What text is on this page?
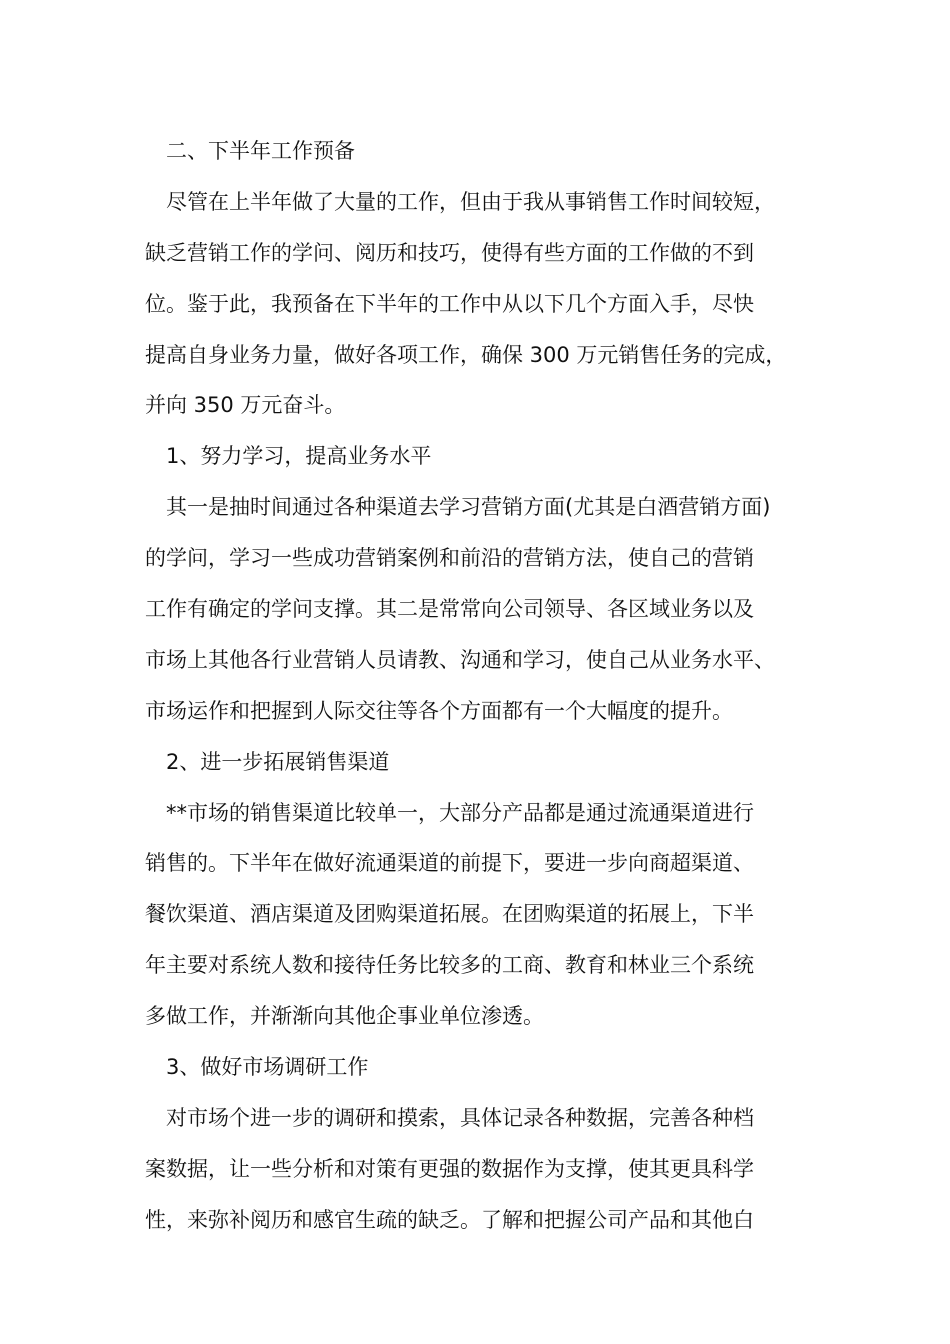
二、下半年工作预备
尽管在上半年做了大量的工作，但由于我从事销售工作时间较短，
缺乏营销工作的学问、阅历和技巧，使得有些方面的工作做的不到
位。鉴于此，我预备在下半年的工作中从以下几个方面入手，尽快
提高自身业务力量，做好各项工作，确保 300 万元销售任务的完成，
并向 350 万元奋斗。
1、努力学习，提高业务水平
其一是抽时间通过各种渠道去学习营销方面(尤其是白酒营销方面)
的学问，学习一些成功营销案例和前沿的营销方法，使自己的营销
工作有确定的学问支撑。其二是常常向公司领导、各区域业务以及
市场上其他各行业营销人员请教、沟通和学习，使自己从业务水平、
市场运作和把握到人际交往等各个方面都有一个大幅度的提升。
2、进一步拓展销售渠道
**市场的销售渠道比较单一，大部分产品都是通过流通渠道进行
销售的。下半年在做好流通渠道的前提下，要进一步向商超渠道、
餐饮渠道、酒店渠道及团购渠道拓展。在团购渠道的拓展上，下半
年主要对系统人数和接待任务比较多的工商、教育和林业三个系统
多做工作，并渐渐向其他企事业单位渗透。
3、做好市场调研工作
对市场个进一步的调研和摸索，具体记录各种数据，完善各种档
案数据，让一些分析和对策有更强的数据作为支撑，使其更具科学
性，来弥补阅历和感官生疏的缺乏。了解和把握公司产品和其他白
